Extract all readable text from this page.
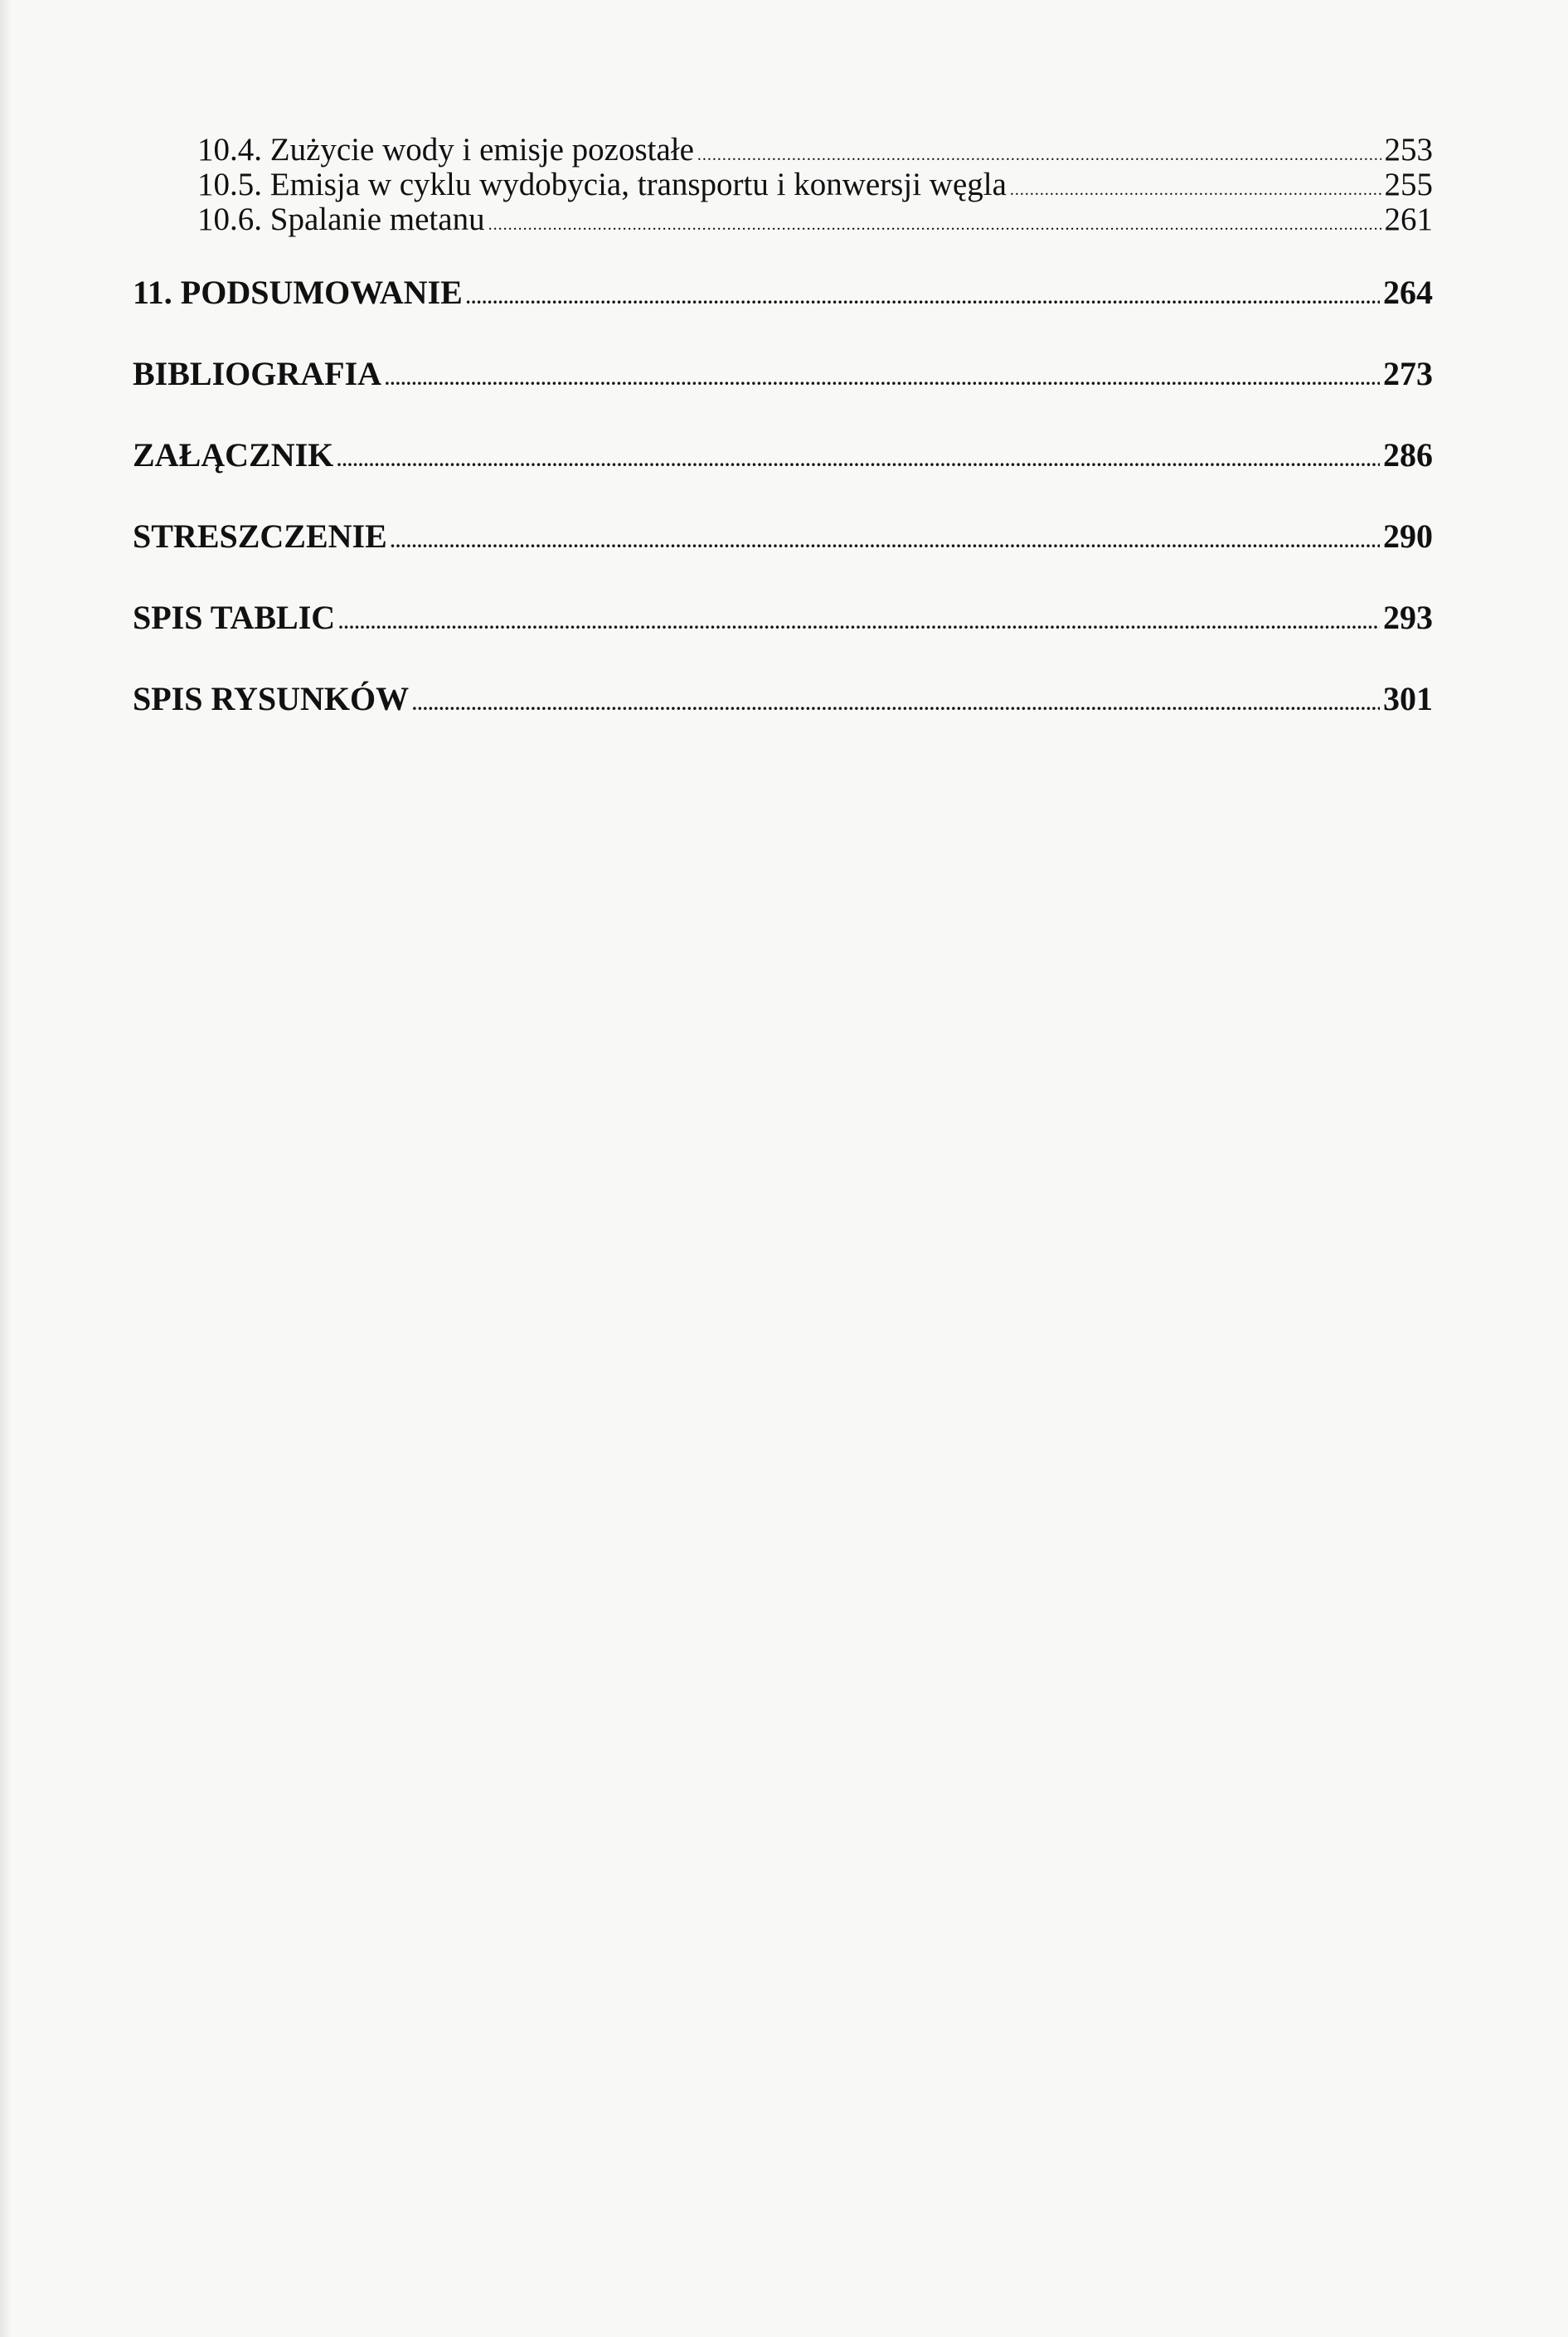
10.4. Zużycie wody i emisje pozostałe .....	253
10.5. Emisja w cyklu wydobycia, transportu i konwersji węgla .....	255
10.6. Spalanie metanu .....	261
11. PODSUMOWANIE .....	264
BIBLIOGRAFIA .....	273
ZAŁĄCZNIK .....	286
STRESZCZENIE .....	290
SPIS TABLIC .....	293
SPIS RYSUNKÓW .....	301
